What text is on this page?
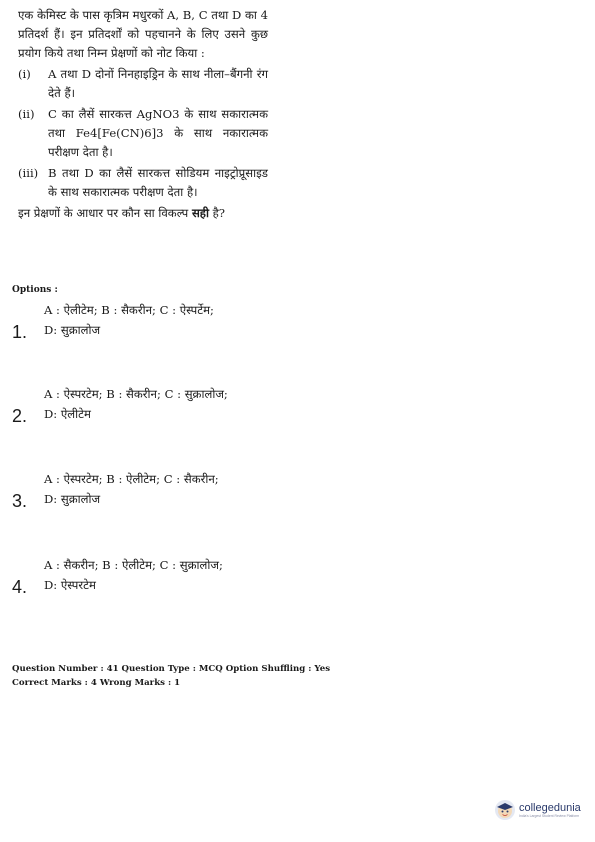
एक केमिस्ट के पास कृत्रिम मधुरकों A, B, C तथा D का 4 प्रतिदर्श हैं। इन प्रतिदर्शों को पहचानने के लिए उसने कुछ प्रयोग किये तथा निम्न प्रेक्षणों को नोट किया :
(i)	A तथा D दोनों निनहाइड्रिन के साथ नीला–बैंगनी रंग देते हैं।
(ii)	C का लैसें सारकत्त AgNO3 के साथ सकारात्मक तथा Fe4[Fe(CN)6]3 के साथ नकारात्मक परीक्षण देता है।
(iii) B तथा D का लैसें सारकत्त सोडियम नाइट्रोप्रूसाइड के साथ सकारात्मक परीक्षण देता है।
इन प्रेक्षणों के आधार पर कौन सा विकल्प सही है?
Options :
A : ऐलीटेम; B : सैकरीन; C : ऐस्पर्टेम;
1. D: सुक्रालोज
A : ऐस्परटेम; B : सैकरीन; C : सुक्रालोज;
2. D: ऐलीटेम
A : ऐस्परटेम; B : ऐलीटेम; C : सैकरीन;
3. D: सुक्रालोज
A : सैकरीन; B : ऐलीटेम; C : सुक्रालोज;
4. D: ऐस्परटेम
Question Number : 41 Question Type : MCQ Option Shuffling : Yes
Correct Marks : 4 Wrong Marks : 1
collegedunia
India's Largest Student Review Platform
